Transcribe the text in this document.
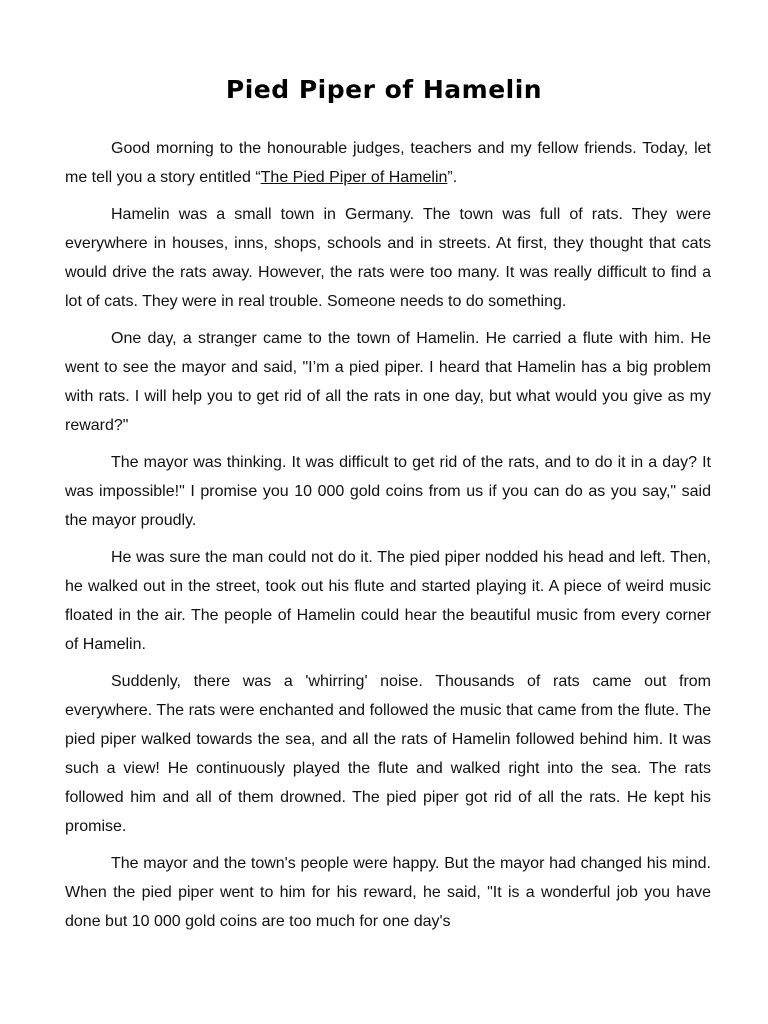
Pied Piper of Hamelin

Good morning to the honourable judges, teachers and my fellow friends. Today, let me tell you a story entitled “The Pied Piper of Hamelin”.

Hamelin was a small town in Germany. The town was full of rats. They were everywhere in houses, inns, shops, schools and in streets. At first, they thought that cats would drive the rats away. However, the rats were too many. It was really difficult to find a lot of cats. They were in real trouble. Someone needs to do something.

One day, a stranger came to the town of Hamelin. He carried a flute with him. He went to see the mayor and said, "I’m a pied piper. I heard that Hamelin has a big problem with rats. I will help you to get rid of all the rats in one day, but what would you give as my reward?"

The mayor was thinking. It was difficult to get rid of the rats, and to do it in a day? It was impossible!" I promise you 10 000 gold coins from us if you can do as you say," said the mayor proudly.

He was sure the man could not do it. The pied piper nodded his head and left. Then, he walked out in the street, took out his flute and started playing it. A piece of weird music floated in the air. The people of Hamelin could hear the beautiful music from every corner of Hamelin.

Suddenly, there was a 'whirring' noise. Thousands of rats came out from everywhere. The rats were enchanted and followed the music that came from the flute. The pied piper walked towards the sea, and all the rats of Hamelin followed behind him. It was such a view! He continuously played the flute and walked right into the sea. The rats followed him and all of them drowned. The pied piper got rid of all the rats. He kept his promise.

The mayor and the town's people were happy. But the mayor had changed his mind. When the pied piper went to him for his reward, he said, "It is a wonderful job you have done but 10 000 gold coins are too much for one day's
